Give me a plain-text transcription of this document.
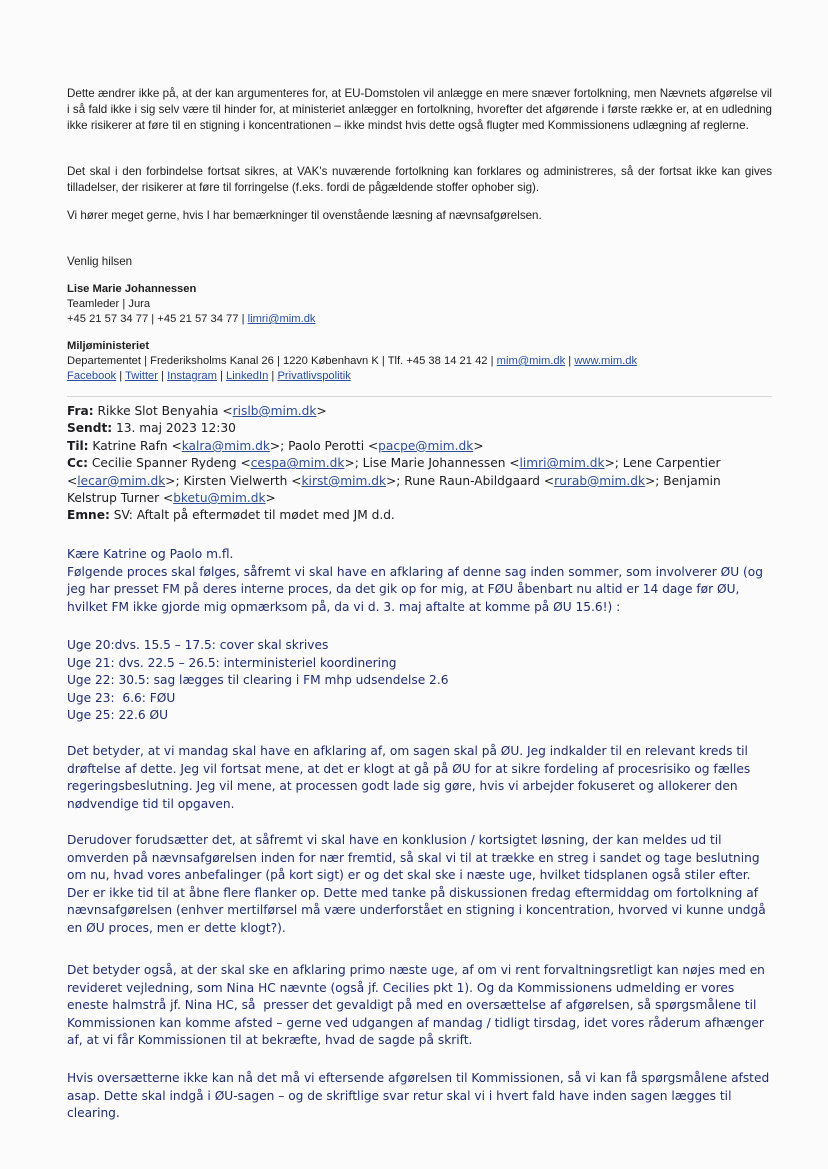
Dette ændrer ikke på, at der kan argumenteres for, at EU-Domstolen vil anlægge en mere snæver fortolkning, men Nævnets afgørelse vil i så fald ikke i sig selv være til hinder for, at ministeriet anlægger en fortolkning, hvorefter det afgørende i første række er, at en udledning ikke risikerer at føre til en stigning i koncentrationen – ikke mindst hvis dette også flugter med Kommissionens udlægning af reglerne.

Det skal i den forbindelse fortsat sikres, at VAK's nuværende fortolkning kan forklares og administreres, så der fortsat ikke kan gives tilladelser, der risikerer at føre til forringelse (f.eks. fordi de pågældende stoffer ophober sig).

Vi hører meget gerne, hvis I har bemærkninger til ovenstående læsning af nævnsafgørelsen.

Venlig hilsen

Lise Marie Johannessen

Teamleder | Jura

+45 21 57 34 77 | +45 21 57 34 77 | limri@mim.dk

Miljøministeriet

Departementet | Frederiksholms Kanal 26 | 1220 København K | Tlf. +45 38 14 21 42 | mim@mim.dk | www.mim.dk

Facebook | Twitter | Instagram | LinkedIn | Privatlivspolitik

Fra: Rikke Slot Benyahia <rislb@mim.dk>

Sendt: 13. maj 2023 12:30

Til: Katrine Rafn <kalra@mim.dk>; Paolo Perotti <pacpe@mim.dk>

Cc: Cecilie Spanner Rydeng <cespa@mim.dk>; Lise Marie Johannessen <limri@mim.dk>; Lene Carpentier <lecar@mim.dk>; Kirsten Vielwerth <kirst@mim.dk>; Rune Raun-Abildgaard <rurab@mim.dk>; Benjamin Kelstrup Turner <bketu@mim.dk>

Emne: SV: Aftalt på eftermødet til mødet med JM d.d.

Kære Katrine og Paolo m.fl.

Følgende proces skal følges, såfremt vi skal have en afklaring af denne sag inden sommer, som involverer ØU (og jeg har presset FM på deres interne proces, da det gik op for mig, at FØU åbenbart nu altid er 14 dage før ØU, hvilket FM ikke gjorde mig opmærksom på, da vi d. 3. maj aftalte at komme på ØU 15.6!) :

Uge 20:dvs. 15.5 – 17.5: cover skal skrives

Uge 21: dvs. 22.5 – 26.5: interministeriel koordinering

Uge 22: 30.5: sag lægges til clearing i FM mhp udsendelse 2.6

Uge 23:  6.6: FØU

Uge 25: 22.6 ØU

Det betyder, at vi mandag skal have en afklaring af, om sagen skal på ØU. Jeg indkalder til en relevant kreds til drøftelse af dette. Jeg vil fortsat mene, at det er klogt at gå på ØU for at sikre fordeling af procesrisiko og fælles regeringsbeslutning. Jeg vil mene, at processen godt lade sig gøre, hvis vi arbejder fokuseret og allokerer den nødvendige tid til opgaven.

Derudover forudsætter det, at såfremt vi skal have en konklusion / kortsigtet løsning, der kan meldes ud til omverden på nævnsafgørelsen inden for nær fremtid, så skal vi til at trække en streg i sandet og tage beslutning om nu, hvad vores anbefalinger (på kort sigt) er og det skal ske i næste uge, hvilket tidsplanen også stiler efter. Der er ikke tid til at åbne flere flanker op. Dette med tanke på diskussionen fredag eftermiddag om fortolkning af nævnsafgørelsen (enhver mertilførsel må være underforstået en stigning i koncentration, hvorved vi kunne undgå en ØU proces, men er dette klogt?).

Det betyder også, at der skal ske en afklaring primo næste uge, af om vi rent forvaltningsretligt kan nøjes med en revideret vejledning, som Nina HC nævnte (også jf. Cecilies pkt 1). Og da Kommissionens udmelding er vores eneste halmstrå jf. Nina HC, så  presser det gevaldigt på med en oversættelse af afgørelsen, så spørgsmålene til Kommissionen kan komme afsted – gerne ved udgangen af mandag / tidligt tirsdag, idet vores råderum afhænger af, at vi får Kommissionen til at bekræfte, hvad de sagde på skrift.

Hvis oversætterne ikke kan nå det må vi eftersende afgørelsen til Kommissionen, så vi kan få spørgsmålene afsted asap. Dette skal indgå i ØU-sagen – og de skriftlige svar retur skal vi i hvert fald have inden sagen lægges til clearing.
